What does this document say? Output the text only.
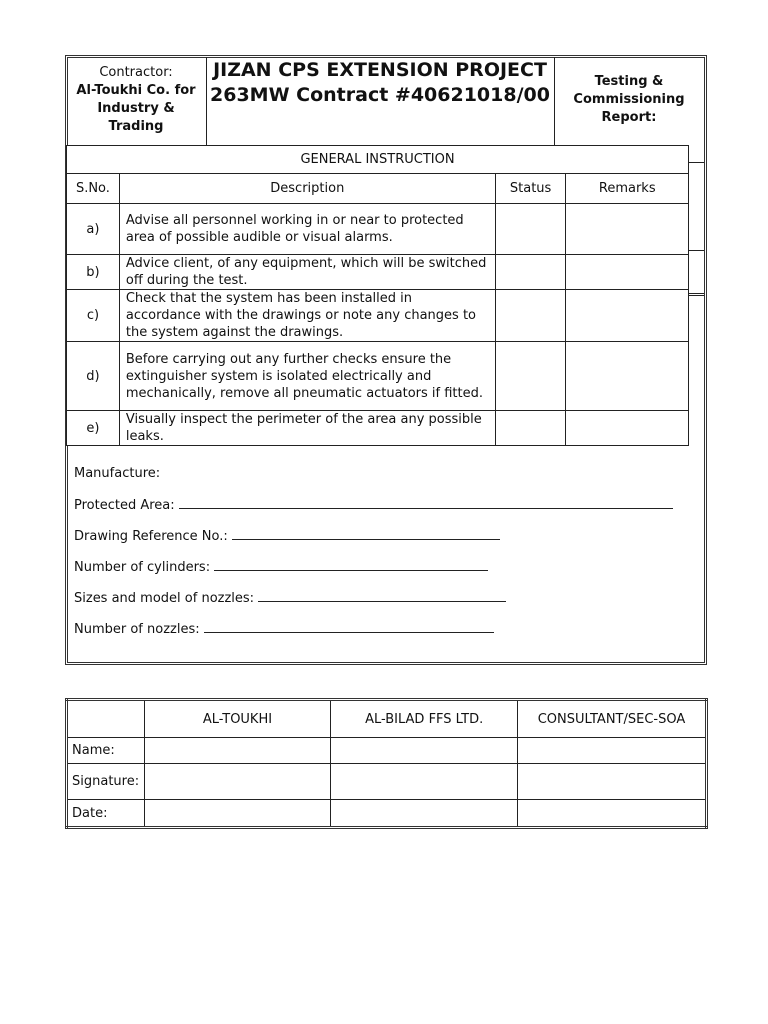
Contractor:
Al-Toukhi Co. for Industry & Trading
JIZAN CPS EXTENSION PROJECT
263MW Contract #40621018/00
Testing & Commissioning Report:
GENERAL INSTRUCTION			
S.No.	Description	Status	Remarks
a)	Advise all personnel working in or near to protected area of possible audible or visual alarms.		
b)	Advice client, of any equipment, which will be switched off during the test.		
c)	Check that the system has been installed in accordance with the drawings or note any changes to the system against the drawings.		
d)	Before carrying out any further checks ensure the extinguisher system is isolated electrically and mechanically, remove all pneumatic actuators if fitted.		
e)	Visually inspect the perimeter of the area any possible leaks.		
Manufacture:
Protected Area:
Drawing Reference No.:
Number of cylinders:
Sizes and model of nozzles:
Number of nozzles:
	AL-TOUKHI	AL-BILAD FFS LTD.	CONSULTANT/SEC-SOA
Name:			
Signature:			
Date:			
